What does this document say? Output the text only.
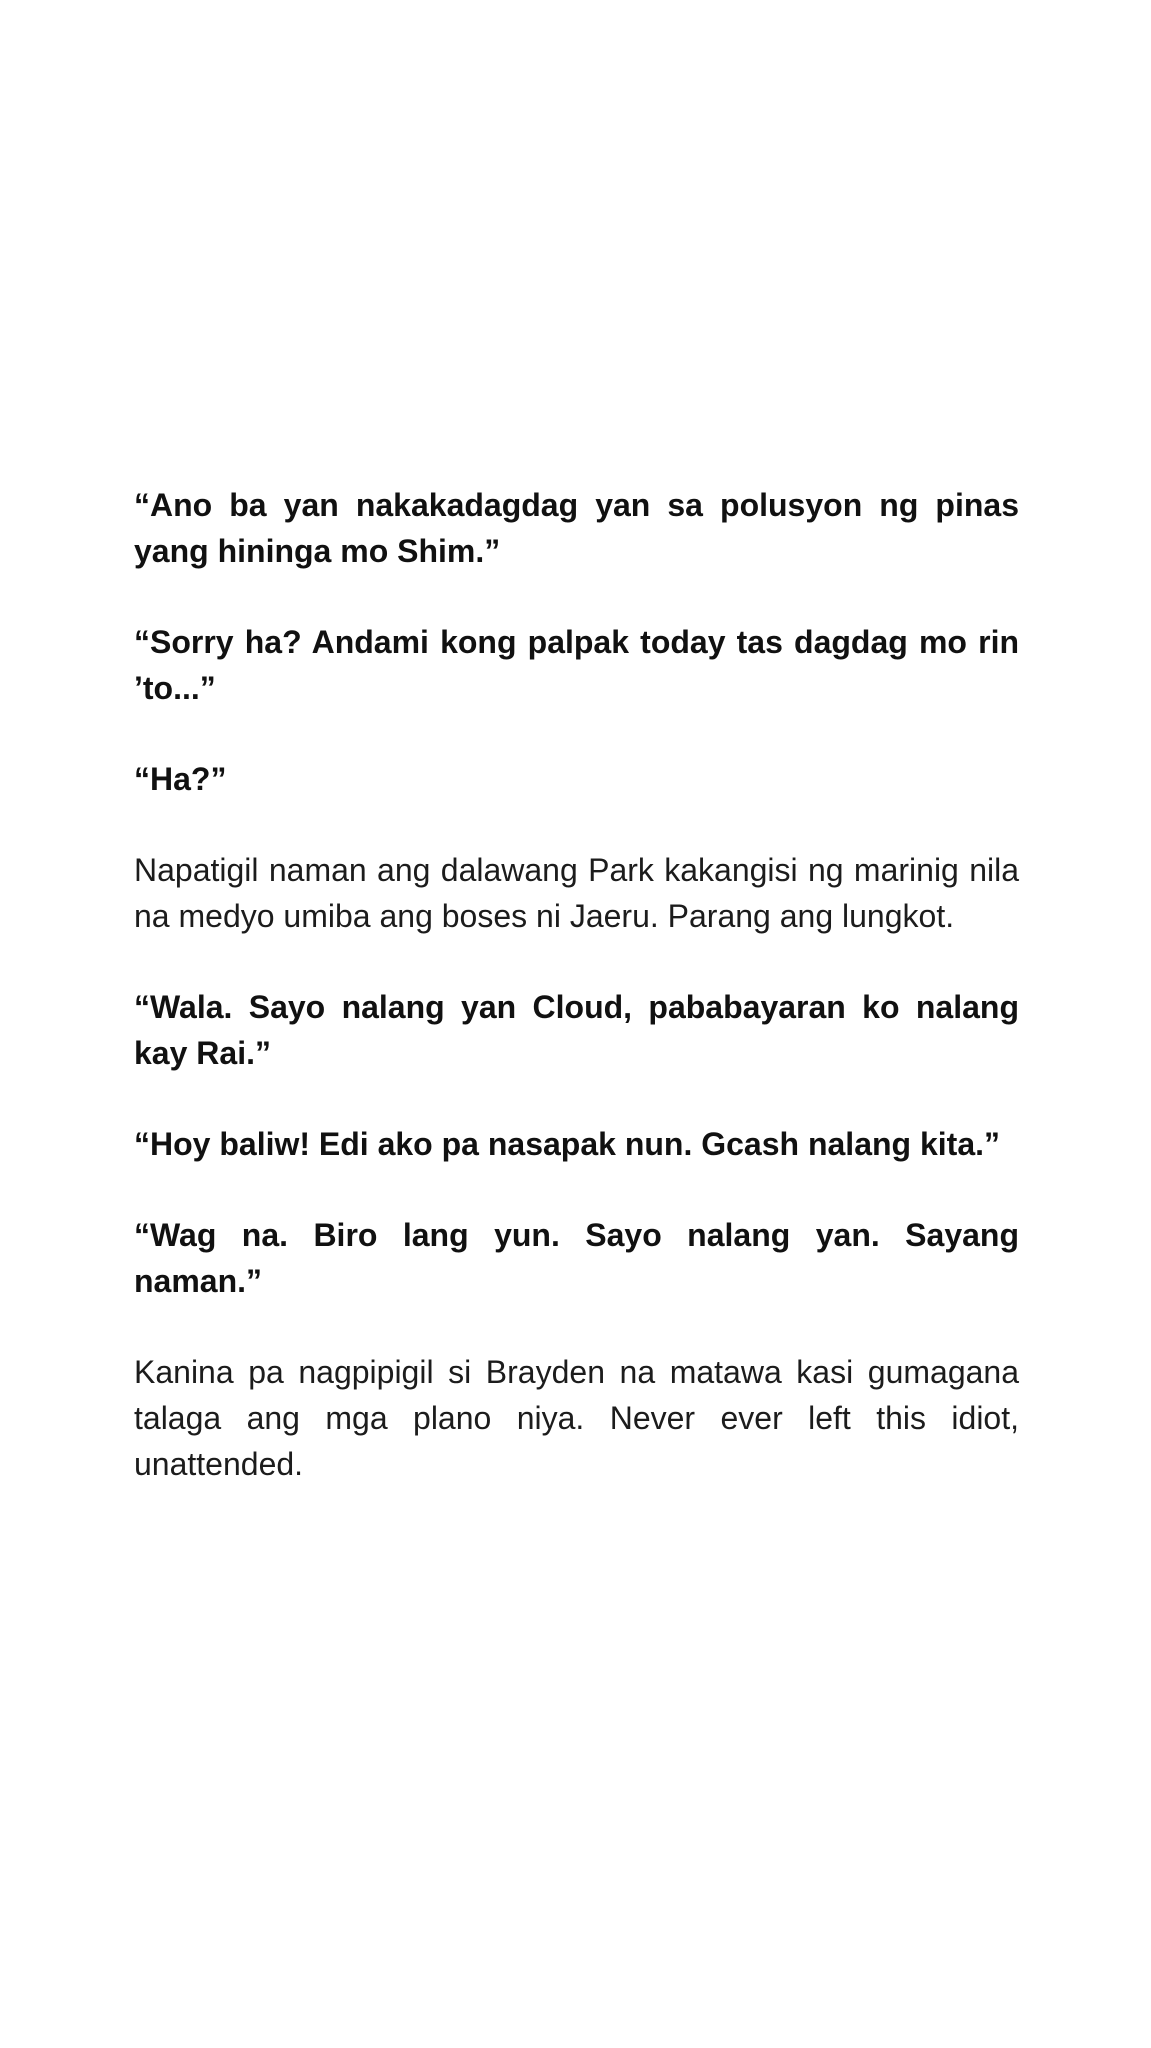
“Ano ba yan nakakadagdag yan sa polusyon ng pinas yang hininga mo Shim.”

“Sorry ha? Andami kong palpak today tas dagdag mo rin ’to...”

“Ha?”

Napatigil naman ang dalawang Park kakangisi ng marinig nila na medyo umiba ang boses ni Jaeru. Parang ang lungkot.

“Wala. Sayo nalang yan Cloud, pababayaran ko nalang kay Rai.”

“Hoy baliw! Edi ako pa nasapak nun. Gcash nalang kita.”

“Wag na. Biro lang yun. Sayo nalang yan. Sayang naman.”

Kanina pa nagpipigil si Brayden na matawa kasi gumagana talaga ang mga plano niya. Never ever left this idiot, unattended.
